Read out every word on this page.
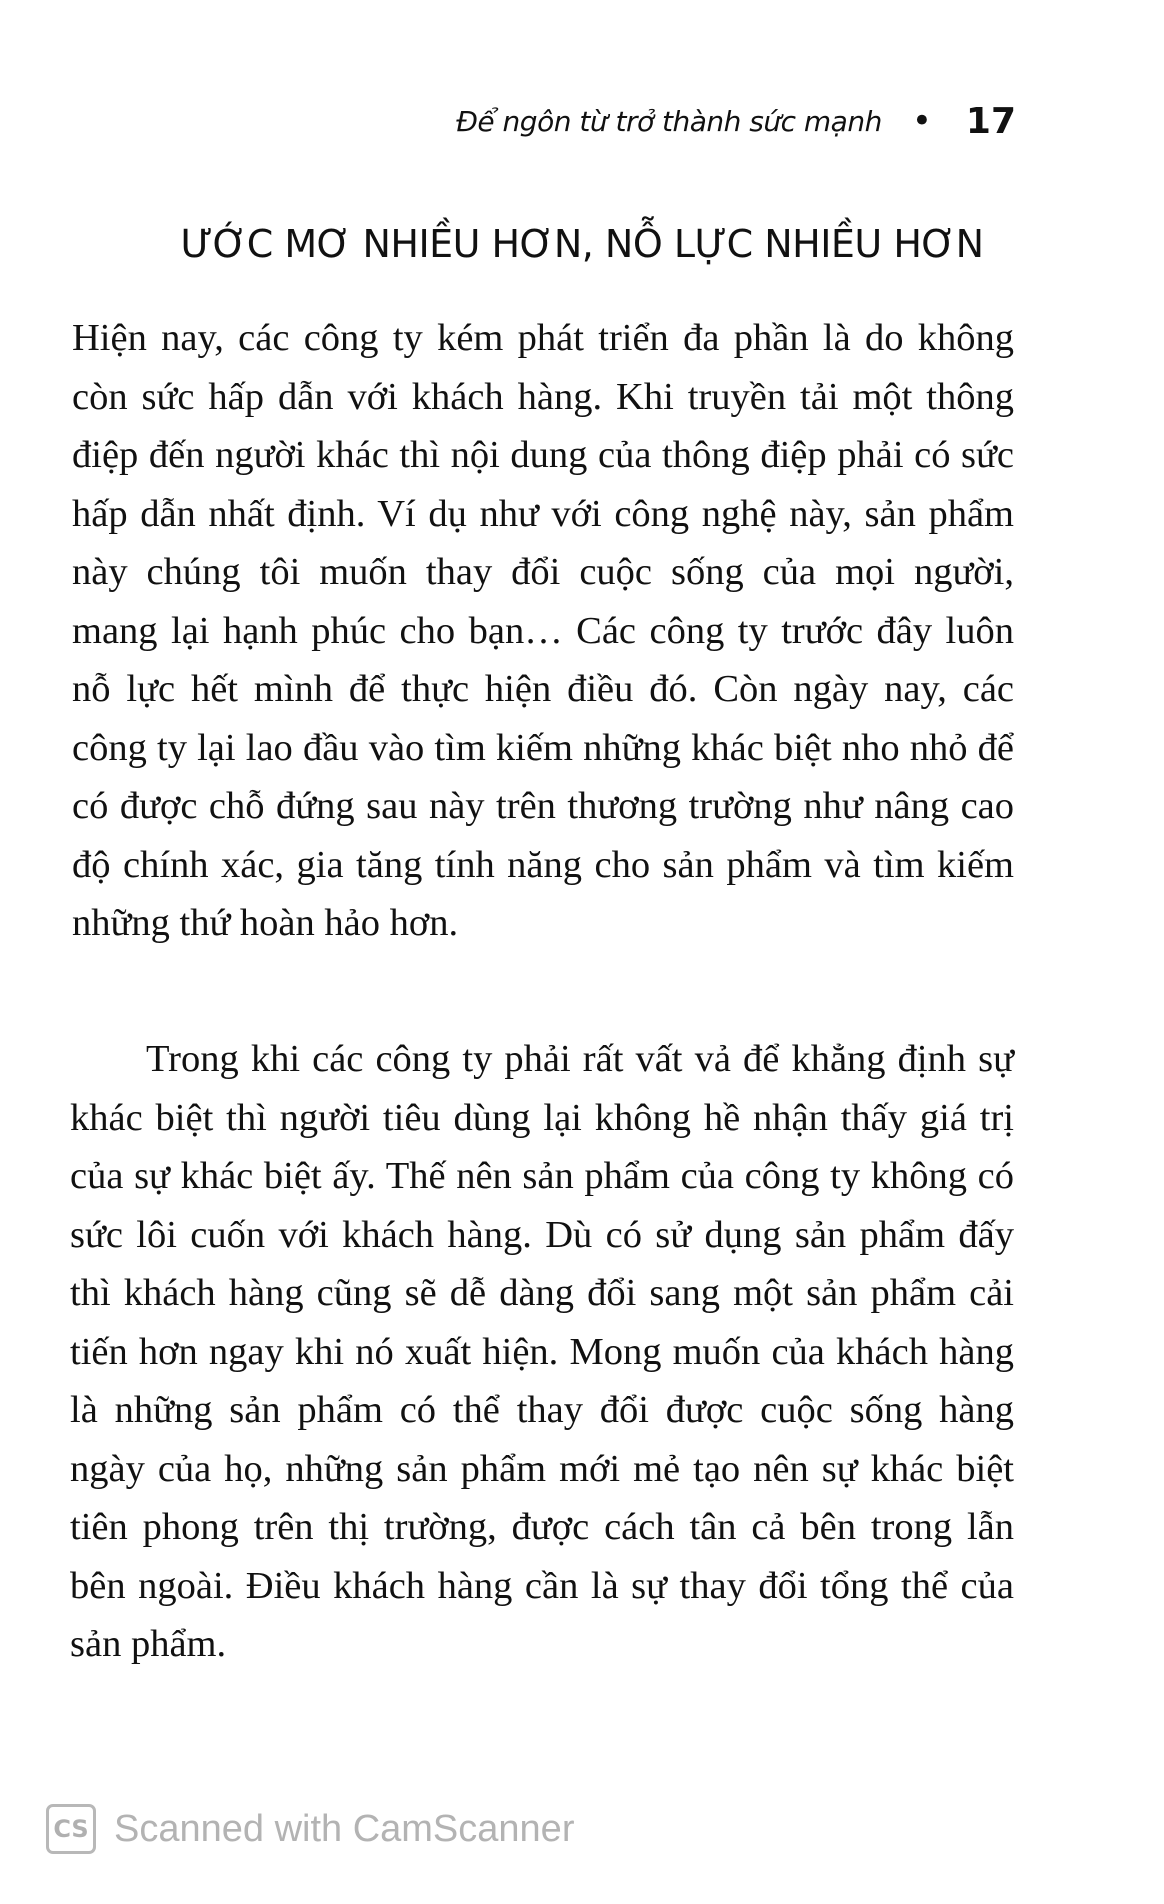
Để ngôn từ trở thành sức mạnh • 17
ƯỚC MƠ NHIỀU HƠN, NỖ LỰC NHIỀU HƠN

Hiện nay, các công ty kém phát triển đa phần là do không còn sức hấp dẫn với khách hàng. Khi truyền tải một thông điệp đến người khác thì nội dung của thông điệp phải có sức hấp dẫn nhất định. Ví dụ như với công nghệ này, sản phẩm này chúng tôi muốn thay đổi cuộc sống của mọi người, mang lại hạnh phúc cho bạn… Các công ty trước đây luôn nỗ lực hết mình để thực hiện điều đó. Còn ngày nay, các công ty lại lao đầu vào tìm kiếm những khác biệt nho nhỏ để có được chỗ đứng sau này trên thương trường như nâng cao độ chính xác, gia tăng tính năng cho sản phẩm và tìm kiếm những thứ hoàn hảo hơn.

Trong khi các công ty phải rất vất vả để khẳng định sự khác biệt thì người tiêu dùng lại không hề nhận thấy giá trị của sự khác biệt ấy. Thế nên sản phẩm của công ty không có sức lôi cuốn với khách hàng. Dù có sử dụng sản phẩm đấy thì khách hàng cũng sẽ dễ dàng đổi sang một sản phẩm cải tiến hơn ngay khi nó xuất hiện. Mong muốn của khách hàng là những sản phẩm có thể thay đổi được cuộc sống hàng ngày của họ, những sản phẩm mới mẻ tạo nên sự khác biệt tiên phong trên thị trường, được cách tân cả bên trong lẫn bên ngoài. Điều khách hàng cần là sự thay đổi tổng thể của sản phẩm.

CS Scanned with CamScanner
